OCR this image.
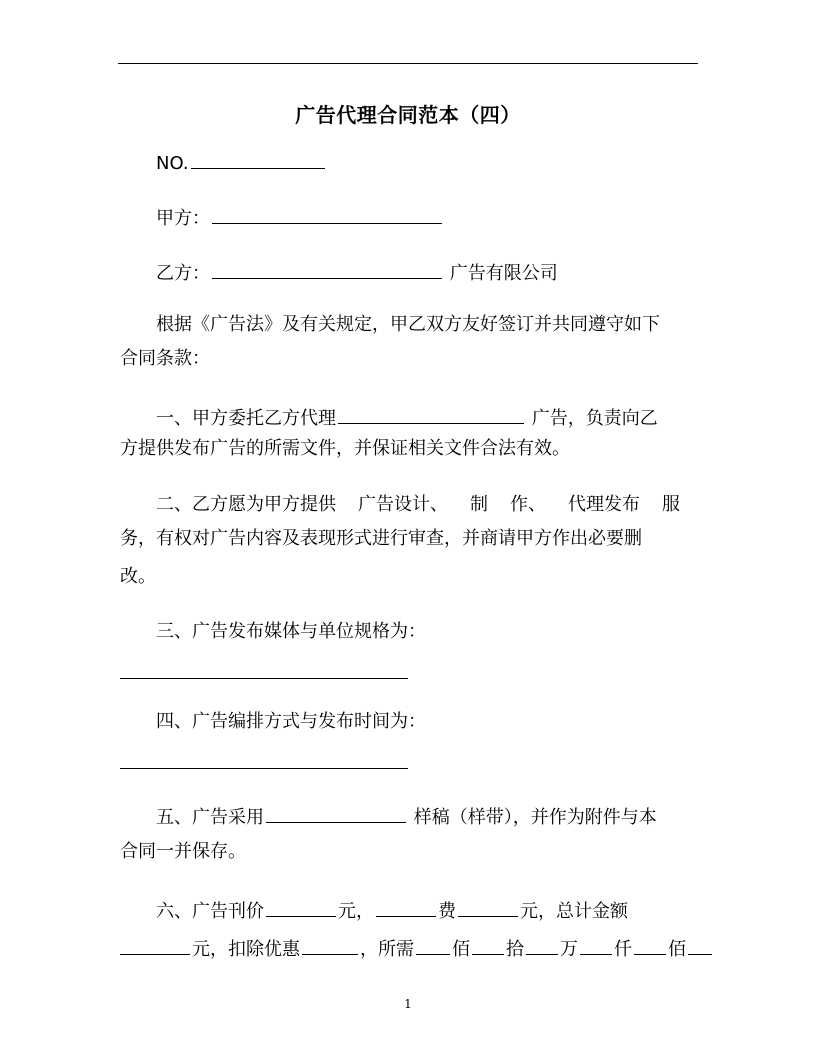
广告代理合同范本（四）
NO.
甲方：
乙方：	广告有限公司
根据《广告法》及有关规定，甲乙双方友好签订并共同遵守如下
合同条款：
一、甲方委托乙方代理	广告，负责向乙
方提供发布广告的所需文件，并保证相关文件合法有效。
二、乙方愿为甲方提供 广告设计、 制 作、 代理发布 服
务，有权对广告内容及表现形式进行审查，并商请甲方作出必要删
改。
三、广告发布媒体与单位规格为：
四、广告编排方式与发布时间为：
五、广告采用	样稿（样带），并作为附件与本
合同一并保存。
六、广告刊价	元，	费	元，总计金额
元，扣除优惠	，所需 佰 拾 万 仟 佰
1
